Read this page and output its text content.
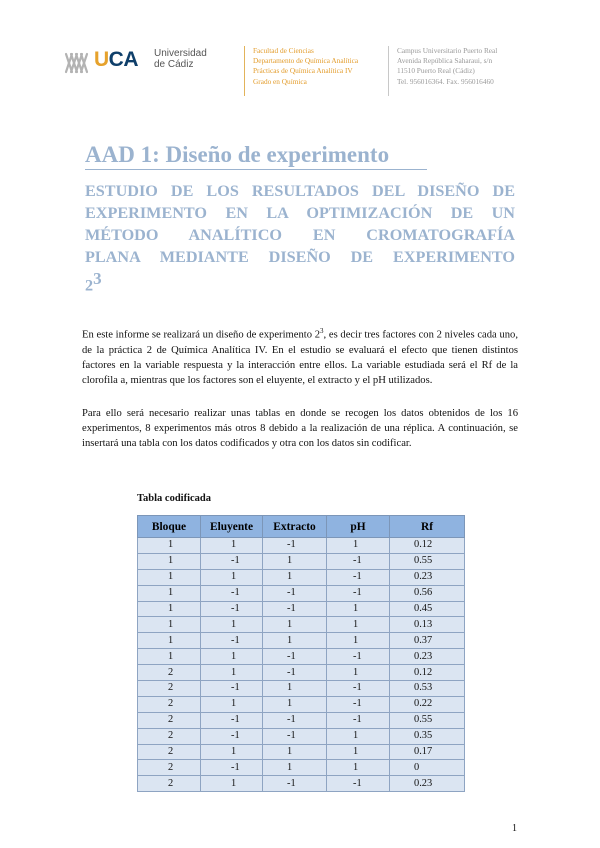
UCA Universidad
de Cádiz
Facultad de Ciencias
Departamento de Química Analítica
Prácticas de Química Analítica IV
Grado en Química
Campus Universitario Puerto Real
Avenida República Saharaui, s/n
11510 Puerto Real (Cádiz)
Tel. 956016364. Fax. 956016460
AAD 1: Diseño de experimento
ESTUDIO DE LOS RESULTADOS DEL DISEÑO DE
EXPERIMENTO EN LA OPTIMIZACIÓN DE UN
MÉTODO ANALÍTICO EN CROMATOGRAFÍA
PLANA MEDIANTE DISEÑO DE EXPERIMENTO
$2^3$
En este informe se realizará un diseño de experimento $2^3$, es decir tres factores con 2 niveles cada uno, de la práctica 2 de Química Analítica IV. En el estudio se evaluará el efecto que tienen distintos factores en la variable respuesta y la interacción entre ellos. La variable estudiada será el Rf de la clorofila a, mientras que los factores son el eluyente, el extracto y el pH utilizados.
Para ello será necesario realizar unas tablas en donde se recogen los datos obtenidos de los 16 experimentos, 8 experimentos más otros 8 debido a la realización de una réplica. A continuación, se insertará una tabla con los datos codificados y otra con los datos sin codificar.
Tabla codificada
Bloque	Eluyente	Extracto	pH	Rf
1	1	-1	1	0.12
1	-1	1	-1	0.55
1	1	1	-1	0.23
1	-1	-1	-1	0.56
1	-1	-1	1	0.45
1	1	1	1	0.13
1	-1	1	1	0.37
1	1	-1	-1	0.23
2	1	-1	1	0.12
2	-1	1	-1	0.53
2	1	1	-1	0.22
2	-1	-1	-1	0.55
2	-1	-1	1	0.35
2	1	1	1	0.17
2	-1	1	1	0
2	1	-1	-1	0.23
1
